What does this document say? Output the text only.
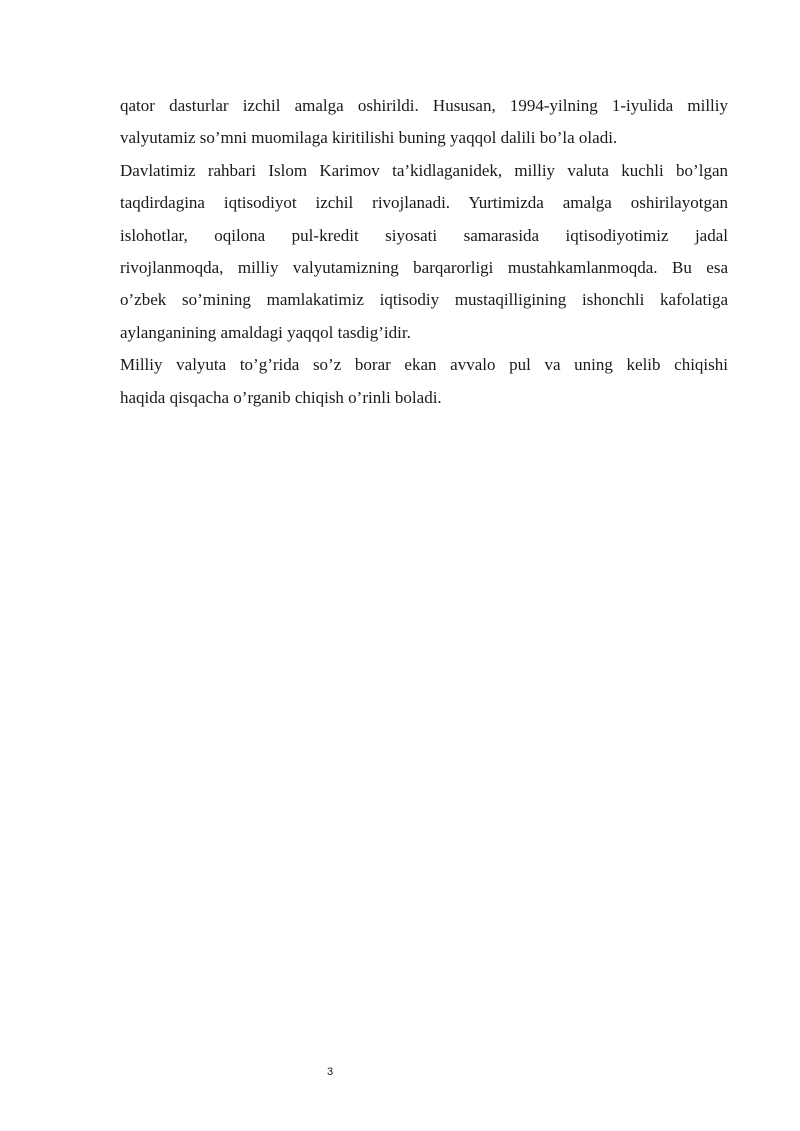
qator dasturlar izchil amalga oshirildi. Hususan, 1994-yilning 1-iyulida milliy
valyutamiz so’mni muomilaga kiritilishi buning yaqqol dalili bo’la oladi.

Davlatimiz rahbari Islom Karimov ta’kidlaganidek, milliy valuta kuchli bo’lgan
taqdirdagina iqtisodiyot izchil rivojlanadi. Yurtimizda amalga oshirilayotgan
islohotlar, oqilona pul-kredit siyosati samarasida iqtisodiyotimiz jadal
rivojlanmoqda, milliy valyutamizning barqarorligi mustahkamlanmoqda. Bu esa
o’zbek so’mining mamlakatimiz iqtisodiy mustaqilligining ishonchli kafolatiga
aylanganining amaldagi yaqqol tasdig’idir.

Milliy valyuta to’g’rida so’z borar ekan avvalo pul va uning kelib chiqishi
haqida qisqacha o’rganib chiqish o’rinli boladi.

3
